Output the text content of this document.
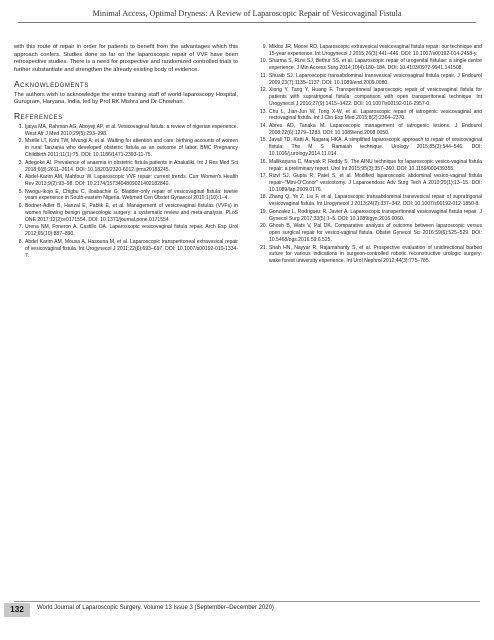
Minimal Access, Optimal Dryness: A Review of Laparoscopic Repair of Vesicovaginal Fistula

with this route of repair in order for patients to benefit from the advantages which this approach confers. Studies done so far on the laparoscopic repair of VVF have been retrospective studies. There is a need for prospective and randomized controlled trials to further substantiate and strengthen the already existing body of evidence.

Acknowledgments

The authors wish to acknowledge the entire training staff of world laparoscopy Hospital, Gurugram, Haryana, India, led by Prof RK Mishra and Dr Chowhan.

References
1. Ijaiya MA, Rahman AG, Aboyeji AP, et al. Vesicovaginal fistula: a review of nigerian experience. West Afr J Med 2010;29(5):293–298.
2. Mselle LT, Kohi TW, Mvungi A, et al. Waiting for attention and care: birthing accounts of women in rural Tanzania who developed obstetric fistula as an outcome of labor. BMC Pregnancy Childbirth 2011;11(1):75. DOI: 10.1186/1471-2393-11-75.
3. Adegoke AI. Prevalence of anaemia in obstetric fistula patients in Abakaliki. Int J Res Med Sci 2018;6(8):2611–2614. DOI: 10.18203/2320-6012.ijrms20183245.
4. Abdel-Karim AM, Mahfouz W. Laparoscopic VVF repair: current trends. Curr Women's Health Rev 2013;9(2):93–98. DOI: 10.2174/1573404809021402182840.
5. Nwogu-Ikojo E, Chigbu C, Iloabachie G. Bladder-only repair of vesicovaginal fistula: twelve years experience in South-eastern Nigeria. Webmed Cen Obstet Gynaecol 2010;1(10):1–4.
6. Bodner-Adler B, Hanzal E, Pablik E, et al. Management of vesicovaginal fistulas (VVFs) in women following benign gynaecologic surgery: a systematic review and meta-analysis. PLoS ONE 2017;12(2):e0171554. DOI: 10.1371/journal.pone.0171554.
7. Urena NM, Foneron A, Castillo OA. Laparoscopic vesicovaginal fistula repair. Arch Esp Urol 2012;65(10):887–890.
8. Abdel Karim AM, Mousa A, Hasouna M, et al. Laparoscopic transperitoneal extravesical repair of vesicovaginal fistula. Int Urogynecol J 2011;22(6):693–697. DOI: 10.1007/s00192-010-1334-7.
9. Miklos JR, Moore RD. Laparoscopic extravesical vesicovaginal fistula repair: our technique and 15-year experience. Int Urogynecol J 2015;26(3):441–446. DOI: 10.1007/s00192-014-2458-y.
10. Sharma S, Rizvi SJ, Bethur SS, et al. Laparoscopic repair of urogenital fistulae: a single centre experience. J Min Access Surg 2014;10(4):180–184. DOI: 10.4103/0972-9941.141508.
11. Shuaib SJ. Laparoscopic transabdominal transvesical vesicovaginal fistula repair. J Endourol 2009;23(7):1135–1137. DOI: 10.1089/end.2009.0080.
12. Xiong Y, Tang Y, Huang F. Transperitoneal laparoscopic repair of vesicovaginal fistula for patients with supratrigonal fistula: comparison with open transperitoneal technique. Int Urogynecol J 2016;27(9):1415–1422. DOI: 10.1007/s00192-016-2957-0.
13. Chu L, Jian-Jun W, Tong X-W, et al. Laparoscopic repair of iatrogenic vesicovaginal and rectovaginal fistula. Int J Clin Exp Med 2015;8(2):2364–2370.
14. Abreu AD, Tanaka M. Laparoscopic management of iatrogenic lesions. J Endourol 2008;22(6):1279–1283. DOI: 10.1089/end.2008.0050.
15. Javali TD, Katti A, Nagaraj HKA. A simplified laparoscopic approach to repair of vesicovaginal fistula: The M S Ramaiah technique. Urology 2015;85(3):544–546. DOI: 10.1016/j.urology.2014.11.014.
16. Mallikarjuna C, Maryak P, Reddy S. The AINU technique for laparoscopic vesico-vaginal fistula repair: a preliminary report. Urol Int 2015;95(3):357–360. DOI: 10.1159/000439355.
17. Rizvi SJ, Gupta R, Patel S, et al. Modified laparoscopic abdominal vesico-vaginal fistula repair–"Mini-O'Conor" vesicotomy. J Laparoendosc Adv Surg Tech A 2010;20(1):13–15. DOI: 10.1089/lap.2009.0176.
18. Zhang Q, Ye Z, Liu F, et al. Laparoscopic transabdominal transvesical repair of supratrigonal vesicovaginal fistula. Int Urogynecol J 2013;24(2):337–342. DOI: 10.1007/s00192-012-1850-8.
19. Gonzalez L, Rodriguez R, Javier A. Laparoscopic transperitoneal vesicovaginal fistula repair. J Gynecol Surg 2017;33(5):1–5. DOI: 10.1089/gyn.2016.0060.
20. Ghosh B, Wats V, Pal DK. Comparative analysis of outcome between laparoscopic versus open surgical repair for vesico-vaginal fistula. Obstet Gynecol Sci 2016;59(6):525–529. DOI: 10.5468/ogs.2016.59.6.525.
21. Shah HN, Nayyar R, Rajamahanty S, et al. Prospective evaluation of unidirectional barbed suture for various indications in surgeon-controlled robotic reconstructive urologic surgery: wake forest university experience. Int Urol Nephrol 2012;44(3):775–785.
132	World Journal of Laparoscopic Surgery, Volume 13 Issue 3 (September–December 2020)
